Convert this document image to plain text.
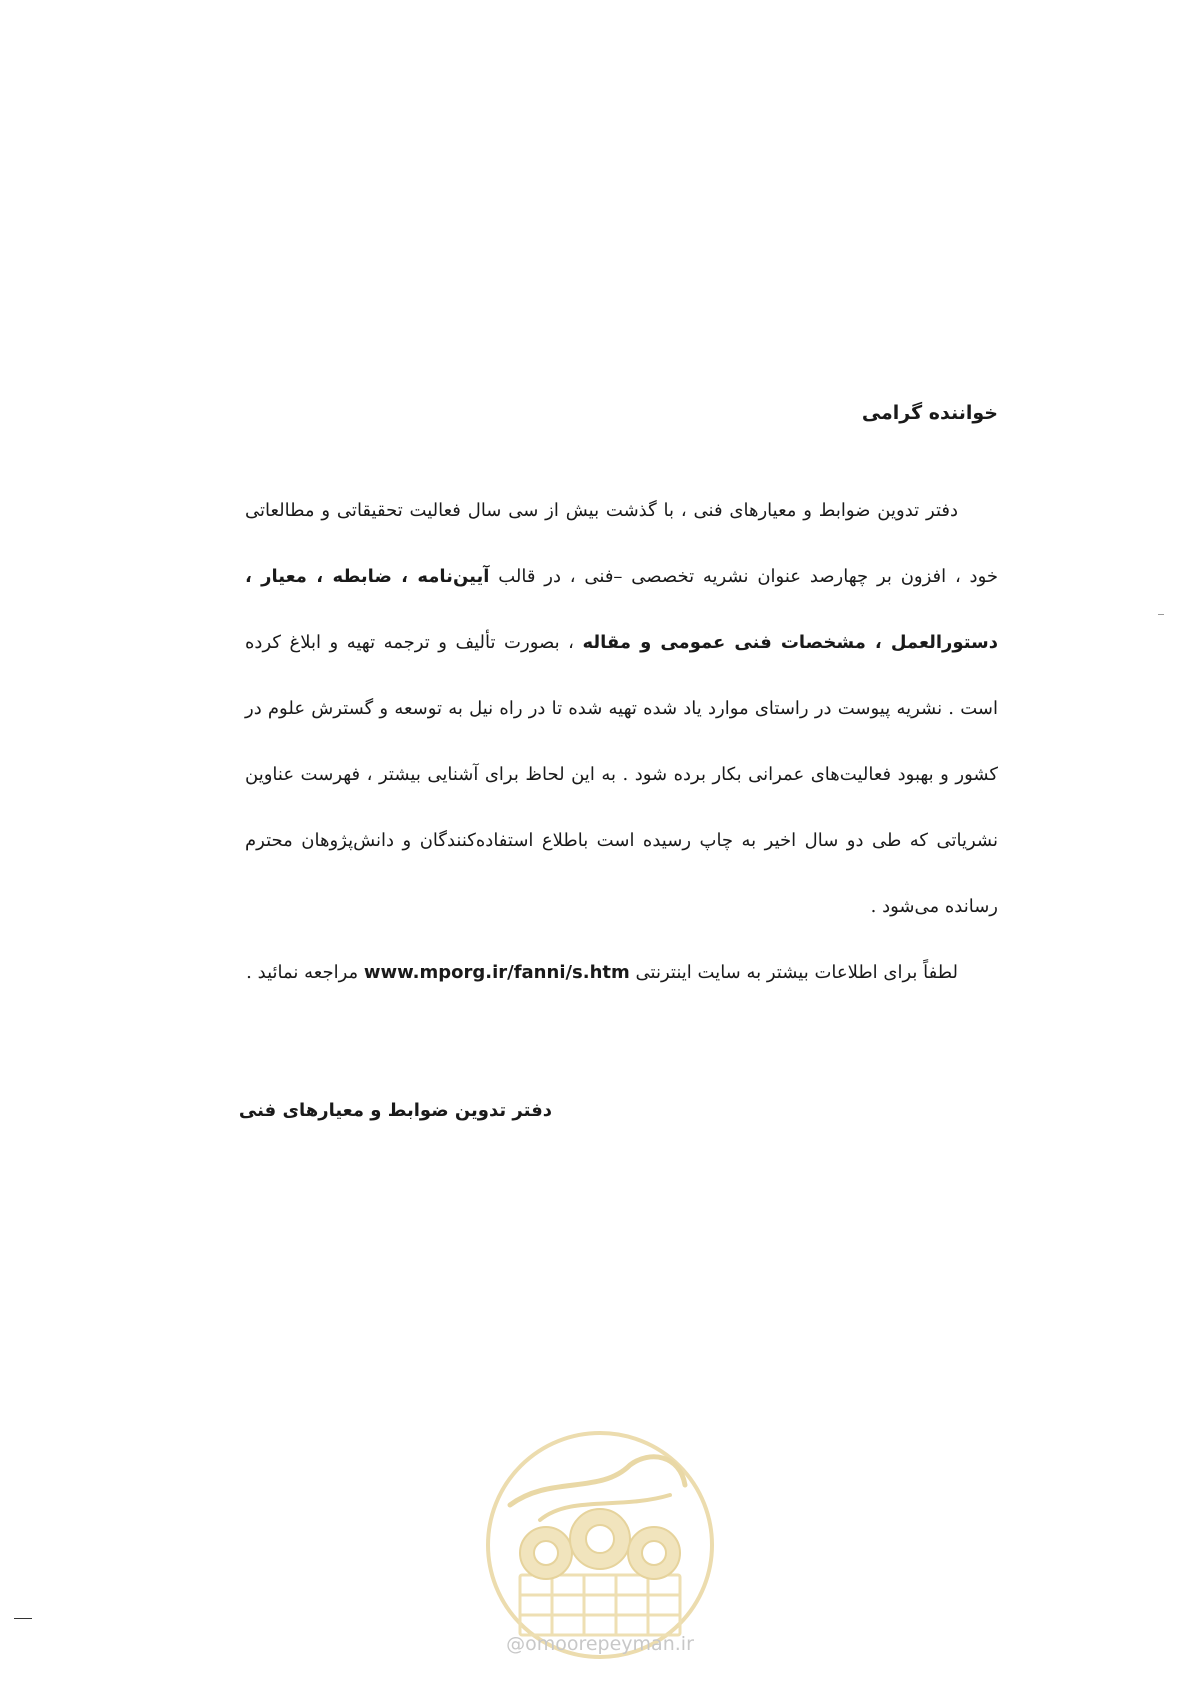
خواننده گرامی

دفتر تدوین ضوابط و معیارهای فنی ، با گذشت بیش از سی سال فعالیت تحقیقاتی و مطالعاتی خود ، افزون بر چهارصد عنوان نشریه تخصصی –فنی ، در قالب آیین‌نامه ، ضابطه ، معیار ، دستورالعمل ، مشخصات فنی عمومی و مقاله ، بصورت تألیف و ترجمه تهیه و ابلاغ کرده است . نشریه پیوست در راستای موارد یاد شده تهیه شده تا در راه نیل به توسعه و گسترش علوم در کشور و بهبود فعالیت‌های عمرانی بکار برده شود . به این لحاظ برای آشنایی بیشتر ، فهرست عناوین نشریاتی که طی دو سال اخیر به چاپ رسیده است باطلاع استفاده‌کنندگان و دانش‌پژوهان محترم رسانده می‌شود .

لطفاً برای اطلاعات بیشتر به سایت اینترنتی www.mporg.ir/fanni/s.htm مراجعه نمائید .

دفتر تدوین ضوابط و معیارهای فنی
@omoorepeyman.ir
